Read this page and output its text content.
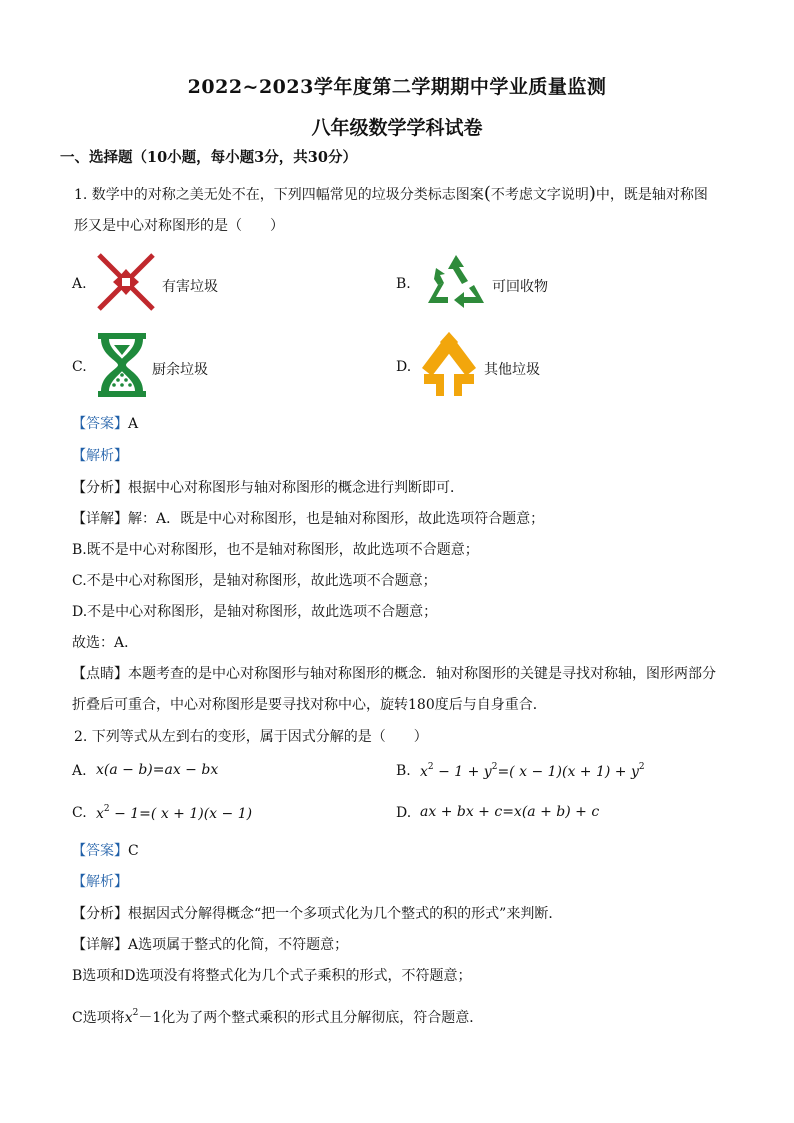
2022~2023学年度第二学期期中学业质量监测
八年级数学学科试卷
一、选择题（10小题，每小题3分，共30分）
1. 数学中的对称之美无处不在，下列四幅常见的垃圾分类标志图案(不考虑文字说明)中，既是轴对称图
形又是中心对称图形的是（　　）
A.	有害垃圾	B.	可回收物
C.	厨余垃圾	D.	其他垃圾
【答案】A
【解析】
【分析】根据中心对称图形与轴对称图形的概念进行判断即可．
【详解】解：A．既是中心对称图形，也是轴对称图形，故此选项符合题意；
B.既不是中心对称图形，也不是轴对称图形，故此选项不合题意；
C.不是中心对称图形，是轴对称图形，故此选项不合题意；
D.不是中心对称图形，是轴对称图形，故此选项不合题意；
故选：A．
【点睛】本题考查的是中心对称图形与轴对称图形的概念．轴对称图形的关键是寻找对称轴，图形两部分
折叠后可重合，中心对称图形是要寻找对称中心，旋转180度后与自身重合．
2. 下列等式从左到右的变形，属于因式分解的是（　　）
A. x(a − b)=ax − bx	B. $x^2 - 1 + y^2=$( $x - 1)(x + 1) + y^2$
C. $x^2 - 1=$( x + 1)(x − 1)	D. ax + bx + c=x(a + b) + c
【答案】C
【解析】
【分析】根据因式分解得概念“把一个多项式化为几个整式的积的形式”来判断．
【详解】A选项属于整式的化简，不符题意；
B选项和D选项没有将整式化为几个式子乘积的形式，不符题意；
C选项将$x^2-1$化为了两个整式乘积的形式且分解彻底，符合题意．
